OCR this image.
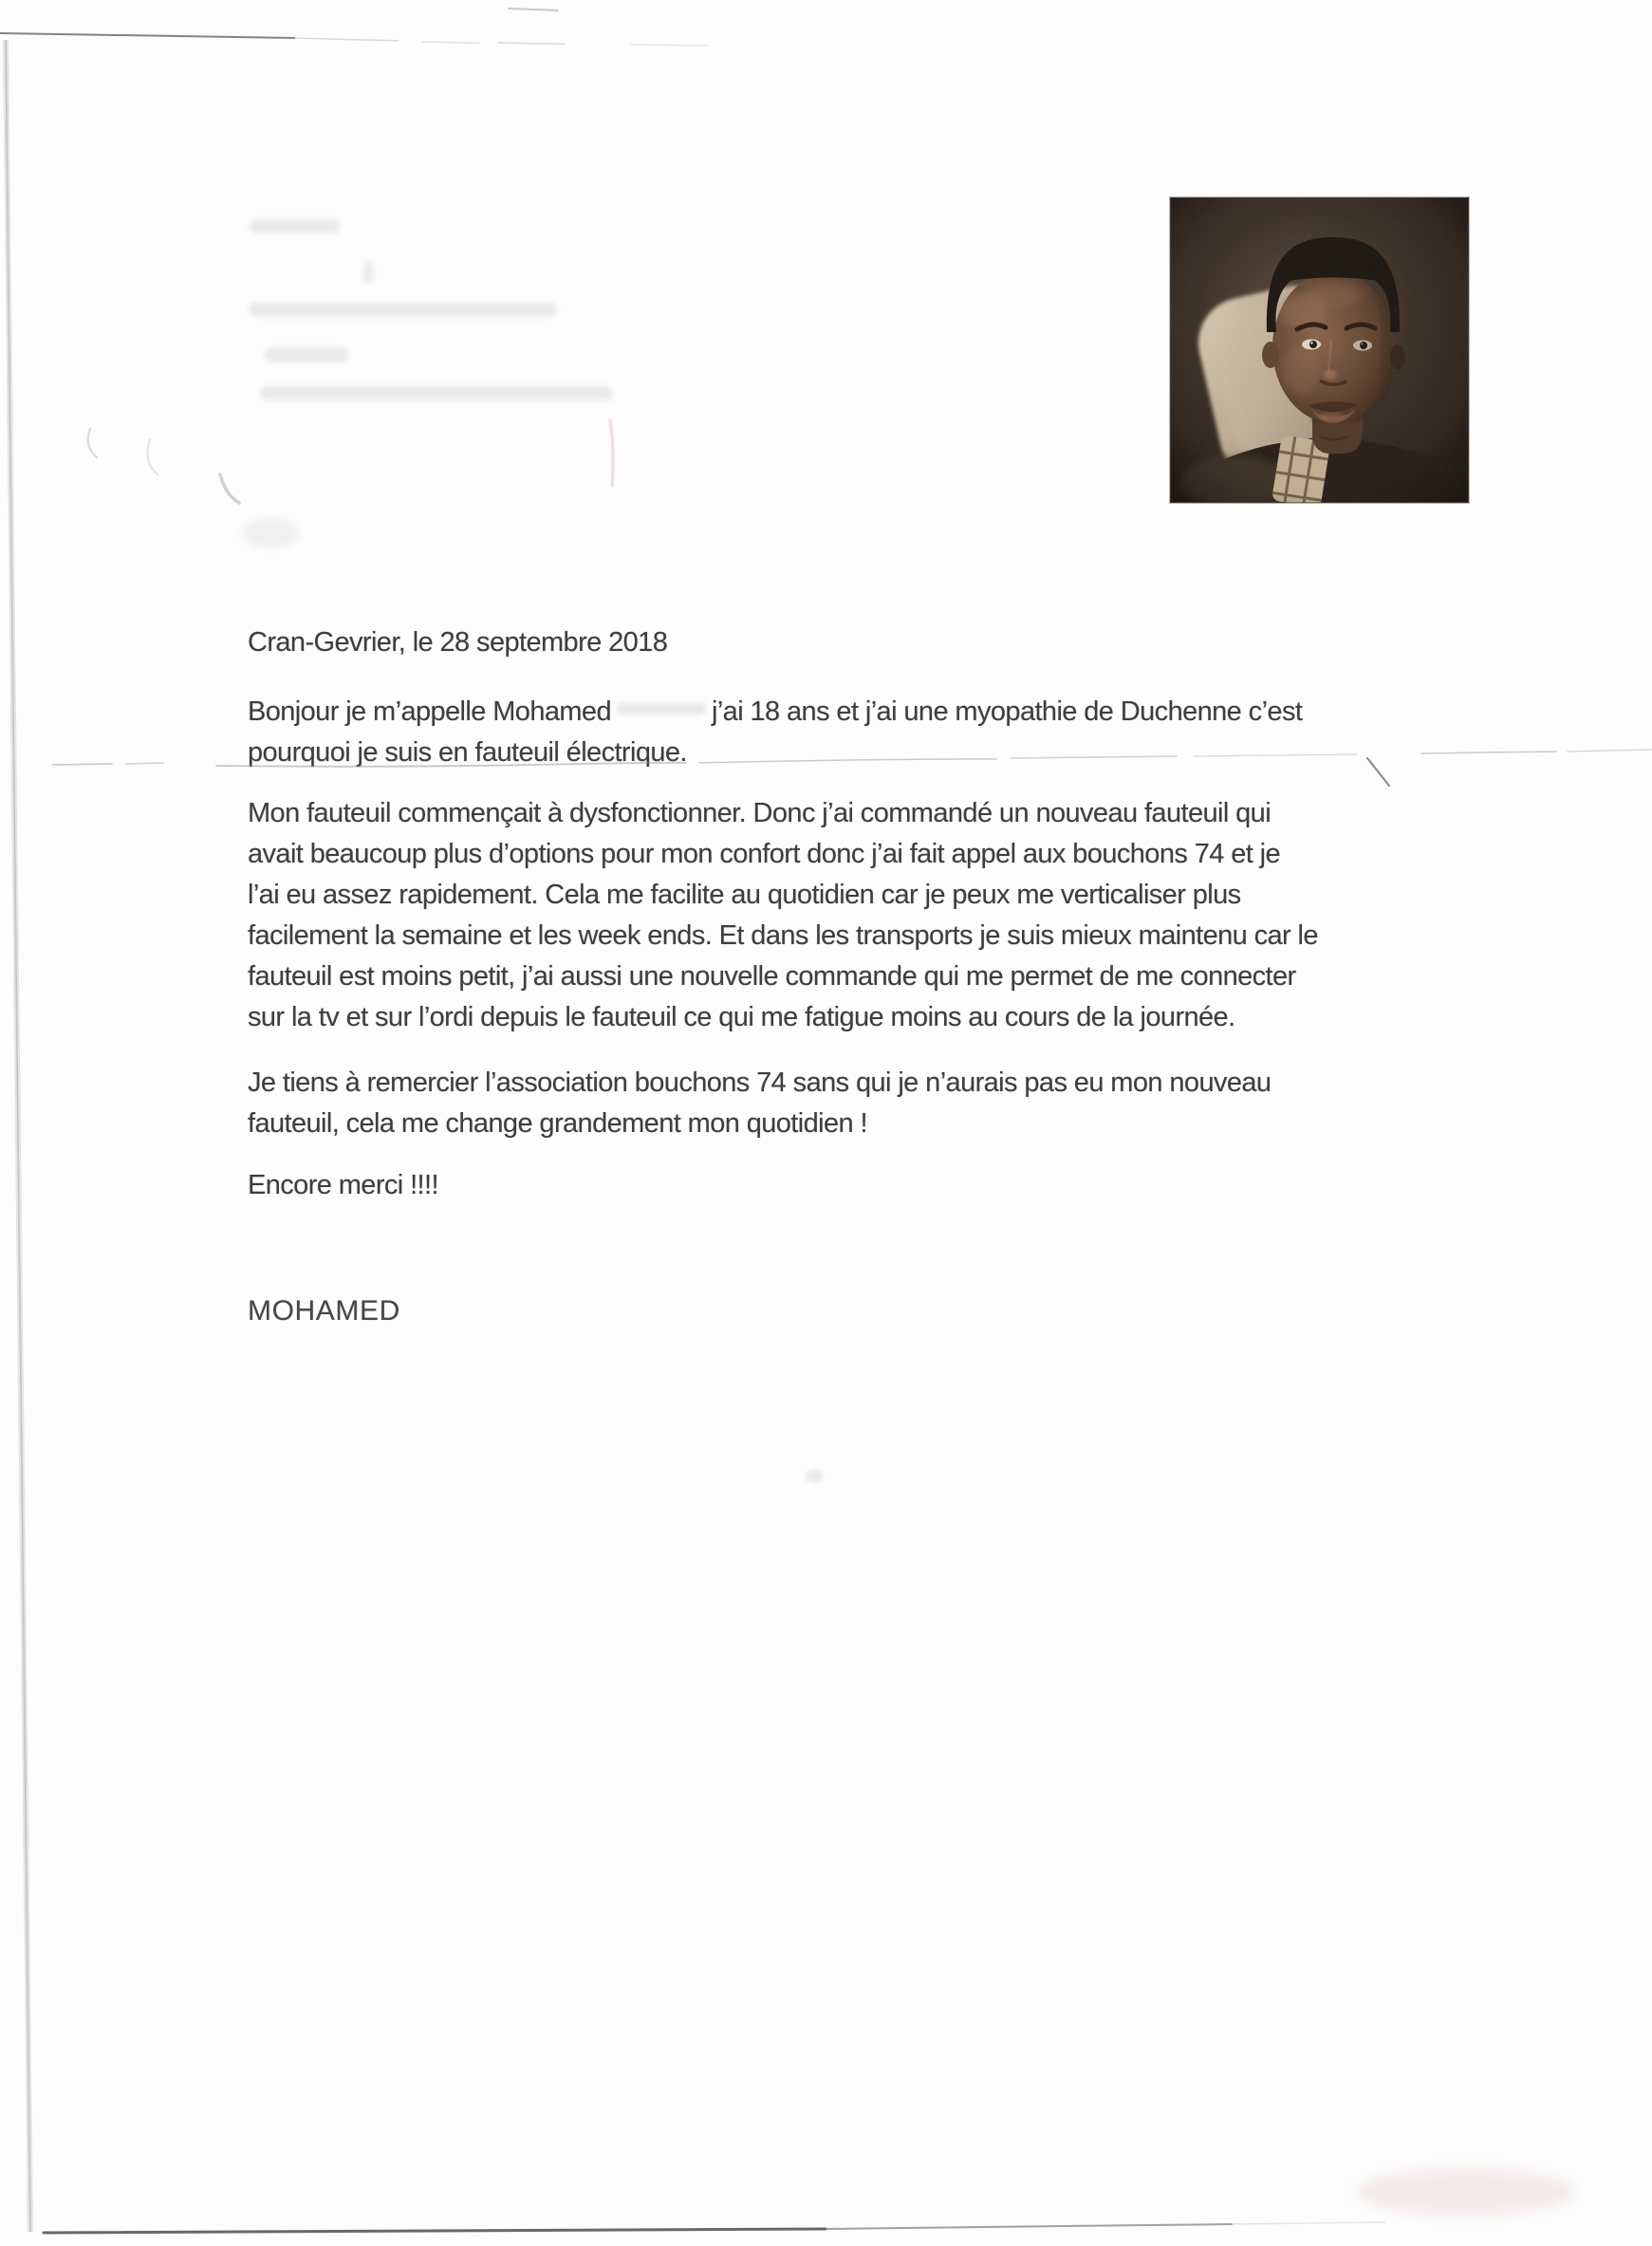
Cran-Gevrier, le 28 septembre 2018
Bonjour je m’appelle Mohamed	j’ai 18 ans et j’ai une myopathie de Duchenne c’est
pourquoi je suis en fauteuil électrique.
Mon fauteuil commençait à dysfonctionner. Donc j’ai commandé un nouveau fauteuil qui
avait beaucoup plus d’options pour mon confort donc j’ai fait appel aux bouchons 74 et je
l’ai eu assez rapidement. Cela me facilite au quotidien car je peux me verticaliser plus
facilement la semaine et les week ends. Et dans les transports je suis mieux maintenu car le
fauteuil est moins petit, j’ai aussi une nouvelle commande qui me permet de me connecter
sur la tv et sur l’ordi depuis le fauteuil ce qui me fatigue moins au cours de la journée.
Je tiens à remercier l’association bouchons 74 sans qui je n’aurais pas eu mon nouveau
fauteuil, cela me change grandement mon quotidien !
Encore merci !!!!
MOHAMED
